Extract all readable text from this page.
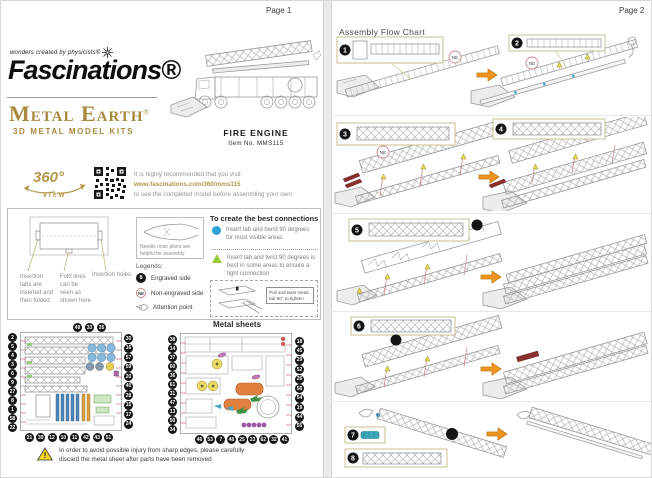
Page 1
wonders created by physicists®
Fascinations®
Metal Earth®
3D METAL MODEL KITS	FIRE ENGINE
Item No. MMS115
360°
view
It is highly recommended that you visit
www.fascinations.com/360/mms115
to see the completed model before assembling your own
Insertion tabs are inserted and then folded
Fold lines can be seen as shown here
Insertion holes
Needle nose pliers are helpful for assembly
Legends:
8	Engraved side
NE	Non-engraved side
Attention point
To create the best connections
Insert tab and bend 90 degrees for most visible areas
Insert tab and twist 90 degrees is best in some areas to ensure a tight connection
Pull and twist metal tab 90° to tighten
Metal sheets
49	33	35
2
5
4
3
6
9
27
8
1
58
22
30
16
57
59
20
40
28
15
17
24
21	39	12	10	11	42	43	51
38
14
37
60
36
61
31
47
13
50
34
18
45
29
52
26
56
54
19
44
55
46	53	7	48	25	23	62	32	41
!
In order to avoid possible injury from sharp edges, please carefully
discard the metal sheet after parts have been removed
Page 2
Assembly Flow Chart
1
NE
2
NE
3
NE
4
5
6
7
8
